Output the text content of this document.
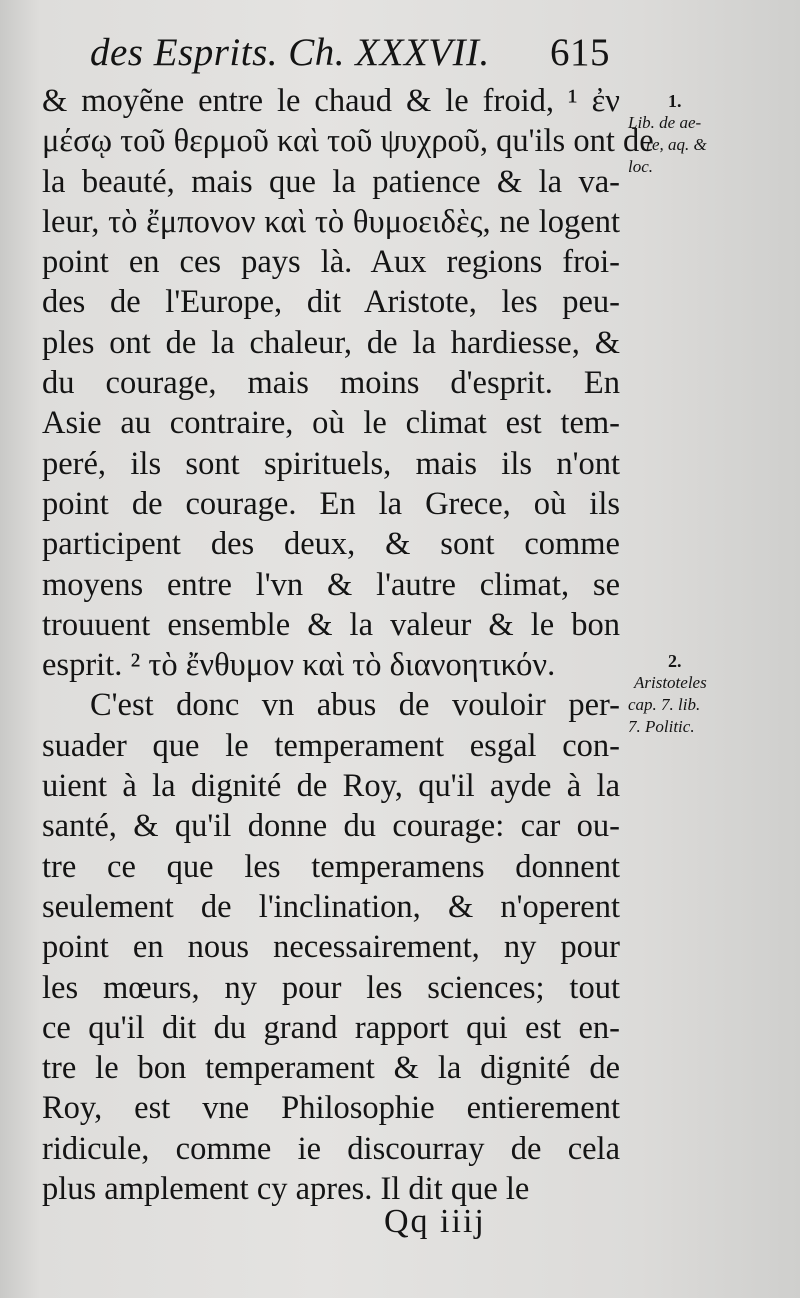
des Esprits. Ch. XXXVII. 615
& moyẽne entre le chaud & le froid, ¹ ἐν
μέσῳ τοῦ θερμοῦ καὶ τοῦ ψυχροῦ, qu'ils ont de
la beauté, mais que la patience & la va-
leur, τὸ ἔμπονον καὶ τὸ θυμοειδὲς, ne logent
point en ces pays là. Aux regions froi-
des de l'Europe, dit Aristote, les peu-
ples ont de la chaleur, de la hardiesse, &
du courage, mais moins d'esprit. En
Asie au contraire, où le climat est tem-
peré, ils sont spirituels, mais ils n'ont
point de courage. En la Grece, où ils
participent des deux, & sont comme
moyens entre l'vn & l'autre climat, se
trouuent ensemble & la valeur & le bon
esprit. ² τὸ ἔνθυμον καὶ τὸ διανοητικόν.
C'est donc vn abus de vouloir per-
suader que le temperament esgal con-
uient à la dignité de Roy, qu'il ayde à la
santé, & qu'il donne du courage: car ou-
tre ce que les temperamens donnent
seulement de l'inclination, & n'operent
point en nous necessairement, ny pour
les mœurs, ny pour les sciences; tout
ce qu'il dit du grand rapport qui est en-
tre le bon temperament & la dignité de
Roy, est vne Philosophie entierement
ridicule, comme ie discourray de cela
plus amplement cy apres. Il dit que le
1.
Lib. de ae-
re, aq. &
loc.
2.
Aristoteles
cap. 7. lib.
7. Politic.
Qq iiij
